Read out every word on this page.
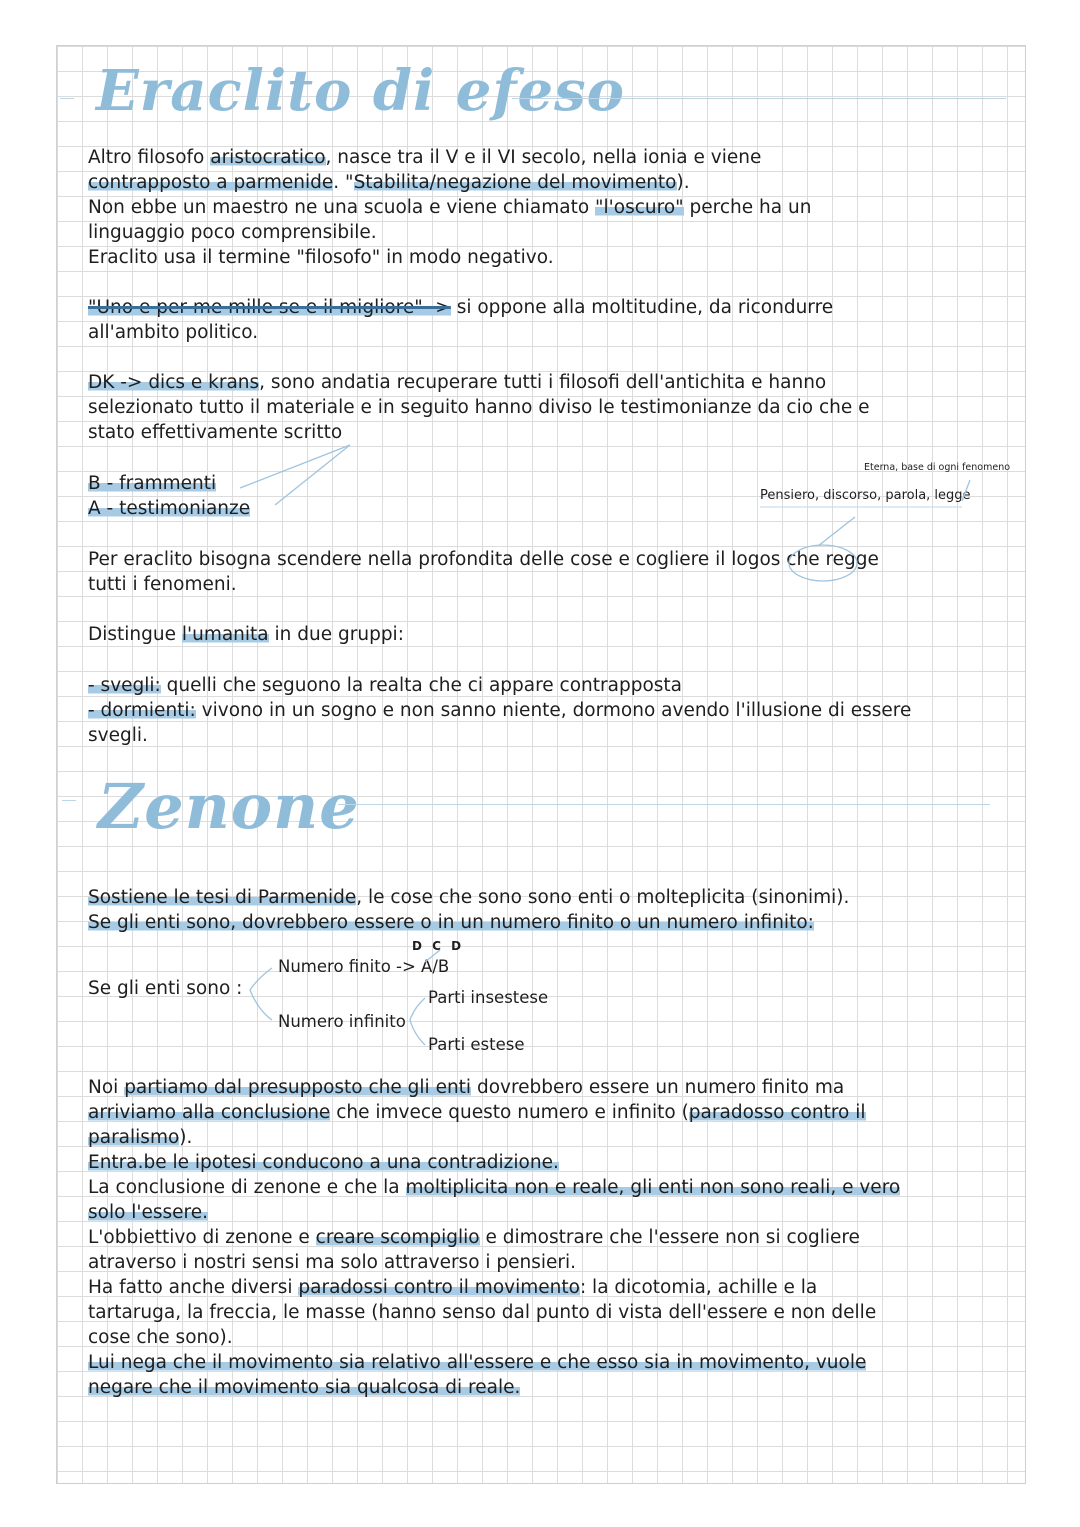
Eraclito di efeso
Altro filosofo aristocratico, nasce tra il V e il VI secolo, nella ionia e viene
contrapposto a parmenide. "Stabilita/negazione del movimento).
Non ebbe un maestro ne una scuola e viene chiamato "l'oscuro" perche ha un
linguaggio poco comprensibile.
Eraclito usa il termine "filosofo" in modo negativo.
"Uno e per me mille se e il migliore" -> si oppone alla moltitudine, da ricondurre
all'ambito politico.
DK -> dics e krans, sono andatia recuperare tutti i filosofi dell'antichita e hanno
selezionato tutto il materiale e in seguito hanno diviso le testimonianze da cio che e
stato effettivamente scritto
B - frammenti
A - testimonianze
Eterna, base di ogni fenomeno
Pensiero, discorso, parola, legge
Per eraclito bisogna scendere nella profondita delle cose e cogliere il logos che regge
tutti i fenomeni.
Distingue l'umanita in due gruppi:
- svegli: quelli che seguono la realta che ci appare contrapposta
- dormienti: vivono in un sogno e non sanno niente, dormono avendo l'illusione di essere
svegli.
Zenone
Sostiene le tesi di Parmenide, le cose che sono sono enti o molteplicita (sinonimi).
Se gli enti sono, dovrebbero essere o in un numero finito o un numero infinito:
Se gli enti sono :
Numero finito -> A/B
D C D
Numero infinito
Parti insestese
Parti estese
Noi partiamo dal presupposto che gli enti dovrebbero essere un numero finito ma
arriviamo alla conclusione che imvece questo numero e infinito (paradosso contro il
paralismo).
Entra.be le ipotesi conducono a una contradizione.
La conclusione di zenone e che la moltiplicita non e reale, gli enti non sono reali, e vero
solo l'essere.
L'obbiettivo di zenone e creare scompiglio e dimostrare che l'essere non si cogliere
atraverso i nostri sensi ma solo attraverso i pensieri.
Ha fatto anche diversi paradossi contro il movimento: la dicotomia, achille e la
tartaruga, la freccia, le masse (hanno senso dal punto di vista dell'essere e non delle
cose che sono).
Lui nega che il movimento sia relativo all'essere e che esso sia in movimento, vuole
negare che il movimento sia qualcosa di reale.
